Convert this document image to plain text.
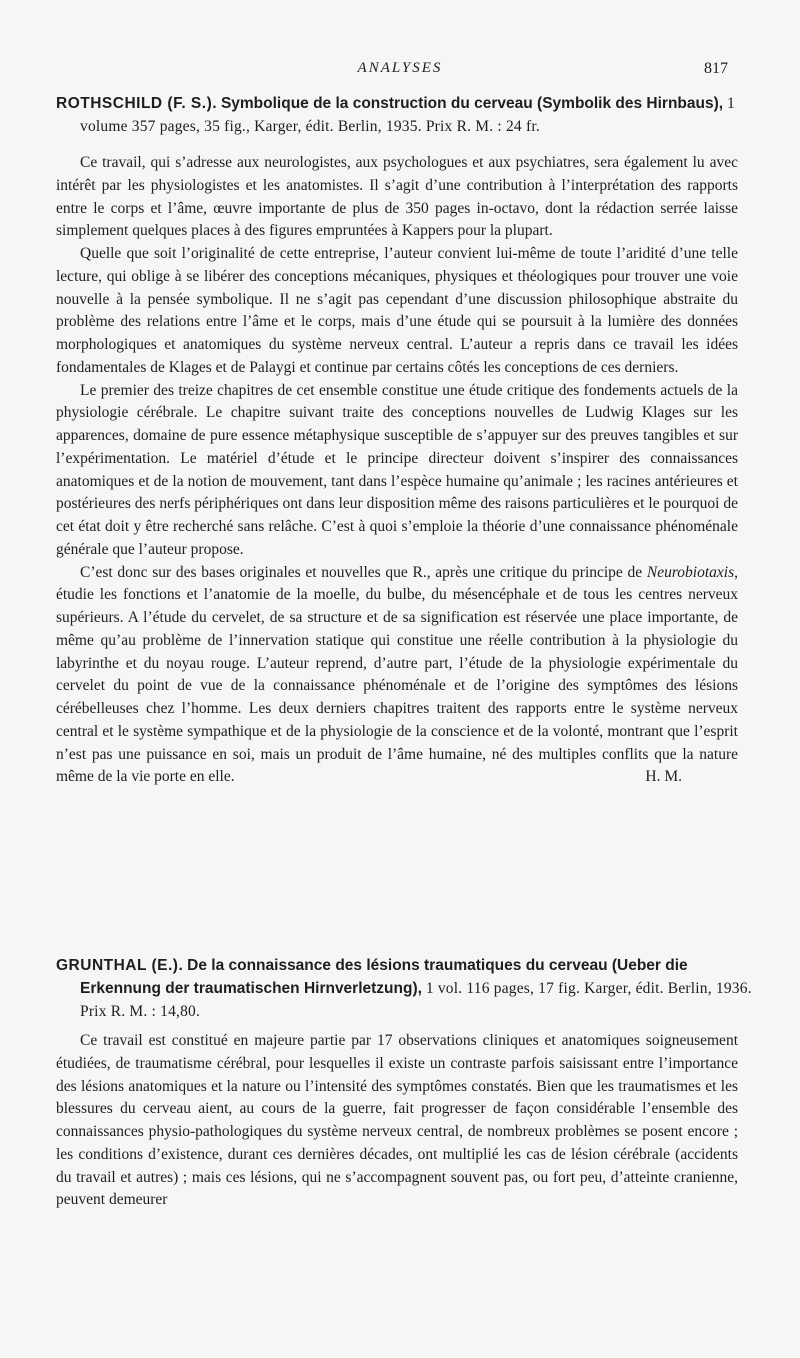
ANALYSES	817
ROTHSCHILD (F. S.). Symbolique de la construction du cerveau (Symbolik des Hirnbaus), 1 volume 357 pages, 35 fig., Karger, édit. Berlin, 1935. Prix R. M. : 24 fr.

Ce travail, qui s’adresse aux neurologistes, aux psychologues et aux psychiatres, sera également lu avec intérêt par les physiologistes et les anatomistes. Il s’agit d’une contribution à l’interprétation des rapports entre le corps et l’âme, œuvre importante de plus de 350 pages in-octavo, dont la rédaction serrée laisse simplement quelques places à des figures empruntées à Kappers pour la plupart.

Quelle que soit l’originalité de cette entreprise, l’auteur convient lui-même de toute l’aridité d’une telle lecture, qui oblige à se libérer des conceptions mécaniques, physiques et théologiques pour trouver une voie nouvelle à la pensée symbolique. Il ne s’agit pas cependant d’une discussion philosophique abstraite du problème des relations entre l’âme et le corps, mais d’une étude qui se poursuit à la lumière des données morphologiques et anatomiques du système nerveux central. L’auteur a repris dans ce travail les idées fondamentales de Klages et de Palaygi et continue par certains côtés les conceptions de ces derniers.

Le premier des treize chapitres de cet ensemble constitue une étude critique des fondements actuels de la physiologie cérébrale. Le chapitre suivant traite des conceptions nouvelles de Ludwig Klages sur les apparences, domaine de pure essence métaphysique susceptible de s’appuyer sur des preuves tangibles et sur l’expérimentation. Le matériel d’étude et le principe directeur doivent s’inspirer des connaissances anatomiques et de la notion de mouvement, tant dans l’espèce humaine qu’animale ; les racines antérieures et postérieures des nerfs périphériques ont dans leur disposition même des raisons particulières et le pourquoi de cet état doit y être recherché sans relâche. C’est à quoi s’emploie la théorie d’une connaissance phénoménale générale que l’auteur propose.

C’est donc sur des bases originales et nouvelles que R., après une critique du principe de Neurobiotaxis, étudie les fonctions et l’anatomie de la moelle, du bulbe, du mésencéphale et de tous les centres nerveux supérieurs. A l’étude du cervelet, de sa structure et de sa signification est réservée une place importante, de même qu’au problème de l’innervation statique qui constitue une réelle contribution à la physiologie du labyrinthe et du noyau rouge. L’auteur reprend, d’autre part, l’étude de la physiologie expérimentale du cervelet du point de vue de la connaissance phénoménale et de l’origine des symptômes des lésions cérébelleuses chez l’homme. Les deux derniers chapitres traitent des rapports entre le système nerveux central et le système sympathique et de la physiologie de la conscience et de la volonté, montrant que l’esprit n’est pas une puissance en soi, mais un produit de l’âme humaine, né des multiples conflits que la nature même de la vie porte en elle.	H. M.

GRUNTHAL (E.). De la connaissance des lésions traumatiques du cerveau (Ueber die Erkennung der traumatischen Hirnverletzung), 1 vol. 116 pages, 17 fig. Karger, édit. Berlin, 1936. Prix R. M. : 14,80.

Ce travail est constitué en majeure partie par 17 observations cliniques et anatomiques soigneusement étudiées, de traumatisme cérébral, pour lesquelles il existe un contraste parfois saisissant entre l’importance des lésions anatomiques et la nature ou l’intensité des symptômes constatés. Bien que les traumatismes et les blessures du cerveau aient, au cours de la guerre, fait progresser de façon considérable l’ensemble des connaissances physio-pathologiques du système nerveux central, de nombreux problèmes se posent encore ; les conditions d’existence, durant ces dernières décades, ont multiplié les cas de lésion cérébrale (accidents du travail et autres) ; mais ces lésions, qui ne s’accompagnent souvent pas, ou fort peu, d’atteinte cranienne, peuvent demeurer
